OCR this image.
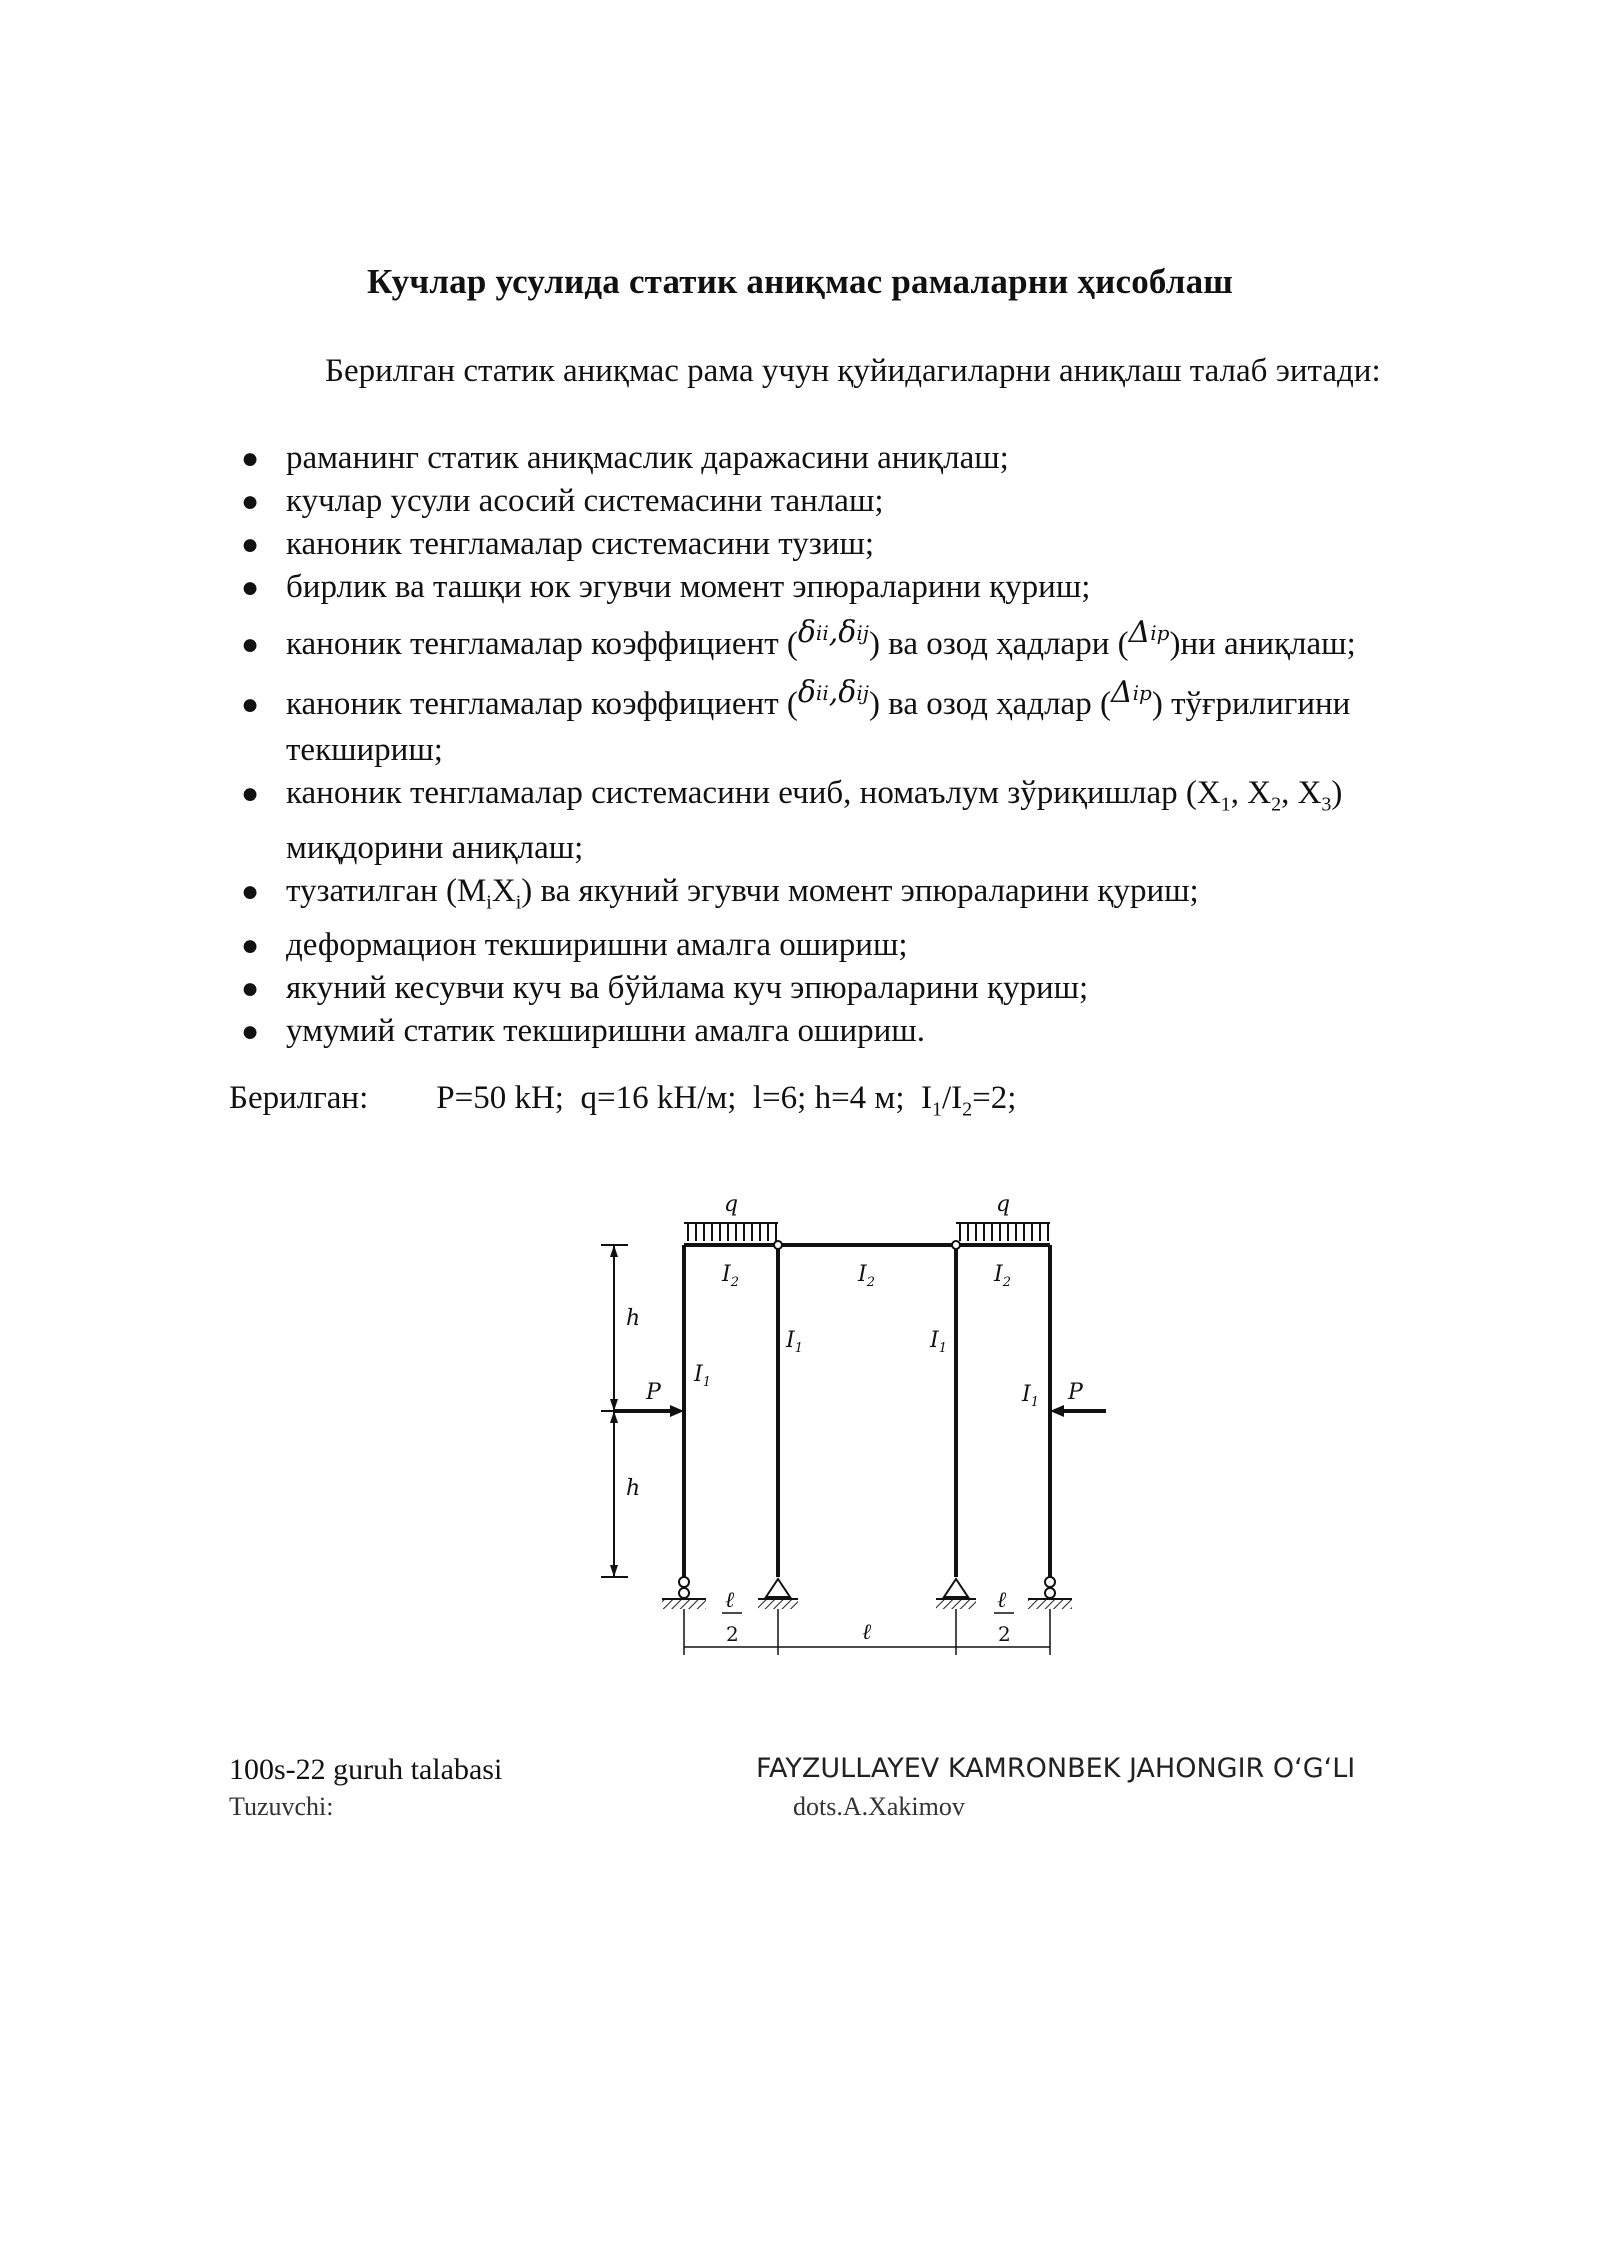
Кучлар усулида статик аниқмас рамаларни ҳисоблаш
Берилган статик аниқмас рама учун қуйидагиларни аниқлаш талаб эитади:
● раманинг статик аниқмаслик даражасини аниқлаш;
● кучлар усули асосий системасини танлаш;
● каноник тенгламалар системасини тузиш;
● бирлик ва ташқи юк эгувчи момент эпюраларини қуриш;
● каноник тенгламалар коэффициент (δii,δij) ва озод ҳадлари (Δip)ни аниқлаш;
● каноник тенгламалар коэффициент (δii,δij) ва озод ҳадлар (Δip) тўғрилигини текшириш;
● каноник тенгламалар системасини ечиб, номаълум зўриқишлар ($X_1$, $X_2$, $X_3$) миқдорини аниқлаш;
● тузатилган $(M_iX_i)$ ва якуний эгувчи момент эпюраларини қуриш;
● деформацион текширишни амалга ошириш;
● якуний кесувчи куч ва бўйлама куч эпюраларини қуриш;
● умумий статик текширишни амалга ошириш.
Берилган: P=50 kH;  q=16 kH/м;  l=6; h=4 м;  $I_1/I_2=2$;
q	q
$I_2$	$I_2$	$I_2$
$I_1$
$I_1$	$I_1$
$I_1$
h
h
P	P
ℓ
2	ℓ
ℓ
2
100s-22 guruh talabasi	FAYZULLAYEV KAMRONBEK JAHONGIR O‘G‘LI
Tuzuvchi:	dots.A.Xakimov
